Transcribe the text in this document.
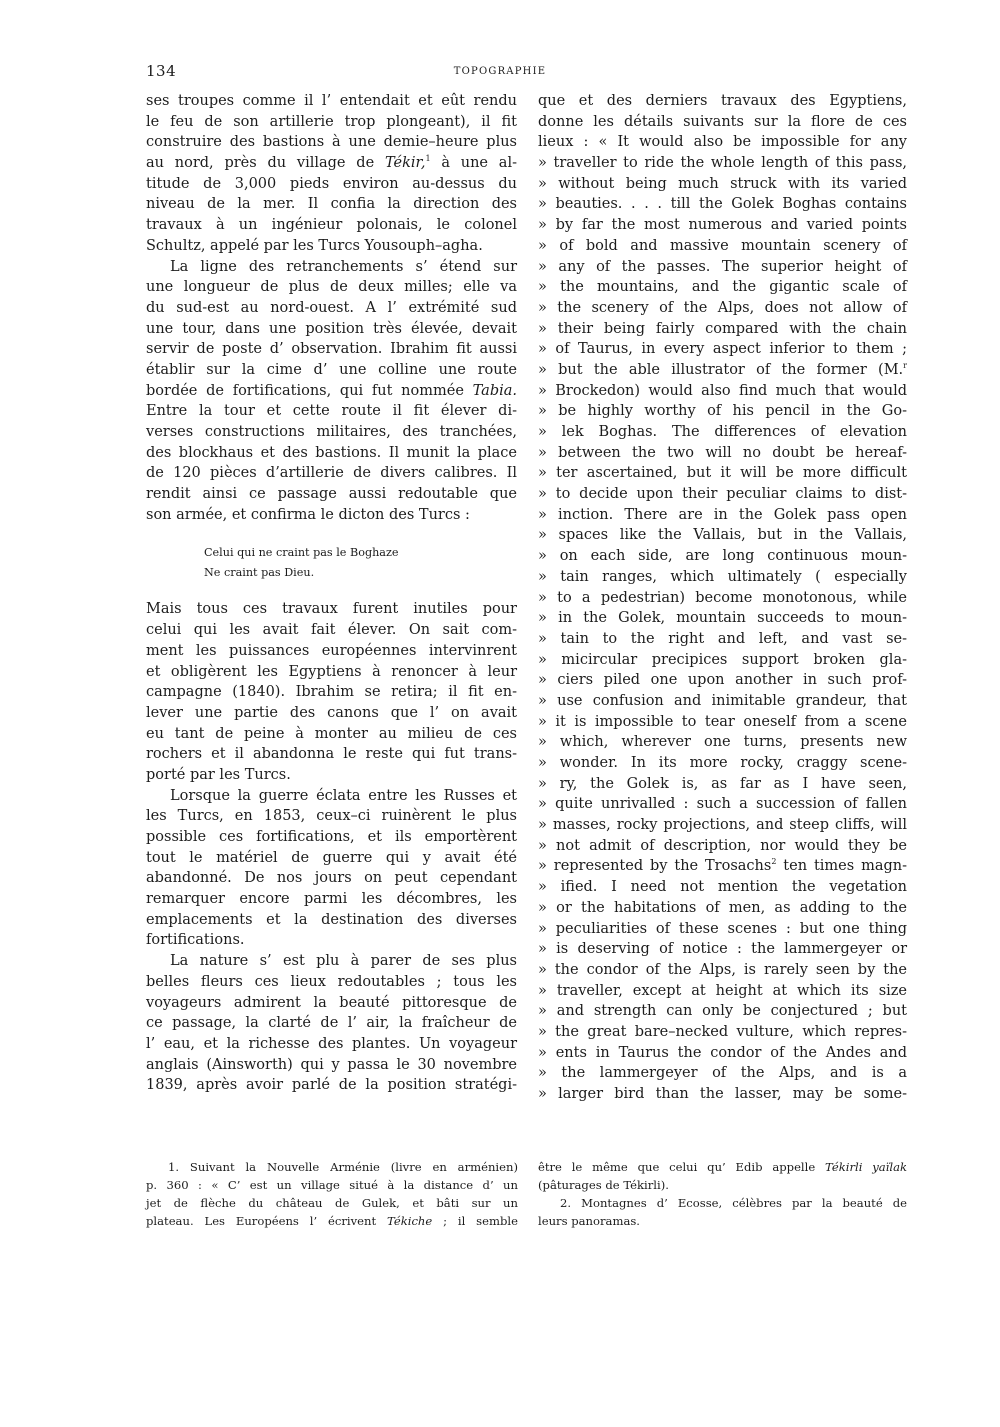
134	TOPOGRAPHIE
ses troupes comme il l’ entendait et eût rendu
le feu de son artillerie trop plongeant), il fit
construire des bastions à une demie–heure plus
au nord, près du village de Tékir,$^1$ à une al-
titude de 3,000 pieds environ au-dessus du
niveau de la mer. Il confia la direction des
travaux à un ingénieur polonais, le colonel
Schultz, appelé par les Turcs Yousouph–agha.
La ligne des retranchements s’ étend sur
une longueur de plus de deux milles; elle va
du sud-est au nord-ouest. A l’ extrémité sud
une tour, dans une position très élevée, devait
servir de poste d’ observation. Ibrahim fit aussi
établir sur la cime d’ une colline une route
bordée de fortifications, qui fut nommée Tabia.
Entre la tour et cette route il fit élever di-
verses constructions militaires, des tranchées,
des blockhaus et des bastions. Il munit la place
de 120 pièces d’artillerie de divers calibres. Il
rendit ainsi ce passage aussi redoutable que
son armée, et confirma le dicton des Turcs :
Celui qui ne craint pas le Boghaze
Ne craint pas Dieu.
Mais tous ces travaux furent inutiles pour
celui qui les avait fait élever. On sait com-
ment les puissances européennes intervinrent
et obligèrent les Egyptiens à renoncer à leur
campagne (1840). Ibrahim se retira; il fit en-
lever une partie des canons que l’ on avait
eu tant de peine à monter au milieu de ces
rochers et il abandonna le reste qui fut trans-
porté par les Turcs.
Lorsque la guerre éclata entre les Russes et
les Turcs, en 1853, ceux–ci ruinèrent le plus
possible ces fortifications, et ils emportèrent
tout le matériel de guerre qui y avait été
abandonné. De nos jours on peut cependant
remarquer encore parmi les décombres, les
emplacements et la destination des diverses
fortifications.
La nature s’ est plu à parer de ses plus
belles fleurs ces lieux redoutables ; tous les
voyageurs admirent la beauté pittoresque de
ce passage, la clarté de l’ air, la fraîcheur de
l’ eau, et la richesse des plantes. Un voyageur
anglais (Ainsworth) qui y passa le 30 novembre
1839, après avoir parlé de la position stratégi-
que et des derniers travaux des Egyptiens,
donne les détails suivants sur la flore de ces
lieux : « It would also be impossible for any
» traveller to ride the whole length of this pass,
» without being much struck with its varied
» beauties. . . . till the Golek Boghas contains
» by far the most numerous and varied points
» of bold and massive mountain scenery of
» any of the passes. The superior height of
» the mountains, and the gigantic scale of
» the scenery of the Alps, does not allow of
» their being fairly compared with the chain
» of Taurus, in every aspect inferior to them ;
» but the able illustrator of the former (M.$^r$
» Brockedon) would also find much that would
» be highly worthy of his pencil in the Go-
» lek Boghas. The differences of elevation
» between the two will no doubt be hereaf-
» ter ascertained, but it will be more difficult
» to decide upon their peculiar claims to dist-
» inction. There are in the Golek pass open
» spaces like the Vallais, but in the Vallais,
» on each side, are long continuous moun-
» tain ranges, which ultimately ( especially
» to a pedestrian) become monotonous, while
» in the Golek, mountain succeeds to moun-
» tain to the right and left, and vast se-
» micircular precipices support broken gla-
» ciers piled one upon another in such prof-
» use confusion and inimitable grandeur, that
» it is impossible to tear oneself from a scene
» which, wherever one turns, presents new
» wonder. In its more rocky, craggy scene-
» ry, the Golek is, as far as I have seen,
» quite unrivalled : such a succession of fallen
» masses, rocky projections, and steep cliffs, will
» not admit of description, nor would they be
» represented by the Trosachs$^2$ ten times magn-
» ified. I need not mention the vegetation
» or the habitations of men, as adding to the
» peculiarities of these scenes : but one thing
» is deserving of notice : the lammergeyer or
» the condor of the Alps, is rarely seen by the
» traveller, except at height at which its size
» and strength can only be conjectured ; but
» the great bare–necked vulture, which repres-
» ents in Taurus the condor of the Andes and
» the lammergeyer of the Alps, and is a
» larger bird than the lasser, may be some-
1. Suivant la Nouvelle Arménie (livre en arménien)
p. 360 : « C’ est un village situé à la distance d’ un
jet de flèche du château de Gulek, et bâti sur un
plateau. Les Européens l’ écrivent Tékiche ; il semble
être le même que celui qu’ Edib appelle Tékirli yaïlak
(pâturages de Tékirli).
2. Montagnes d’ Ecosse, célèbres par la beauté de
leurs panoramas.
